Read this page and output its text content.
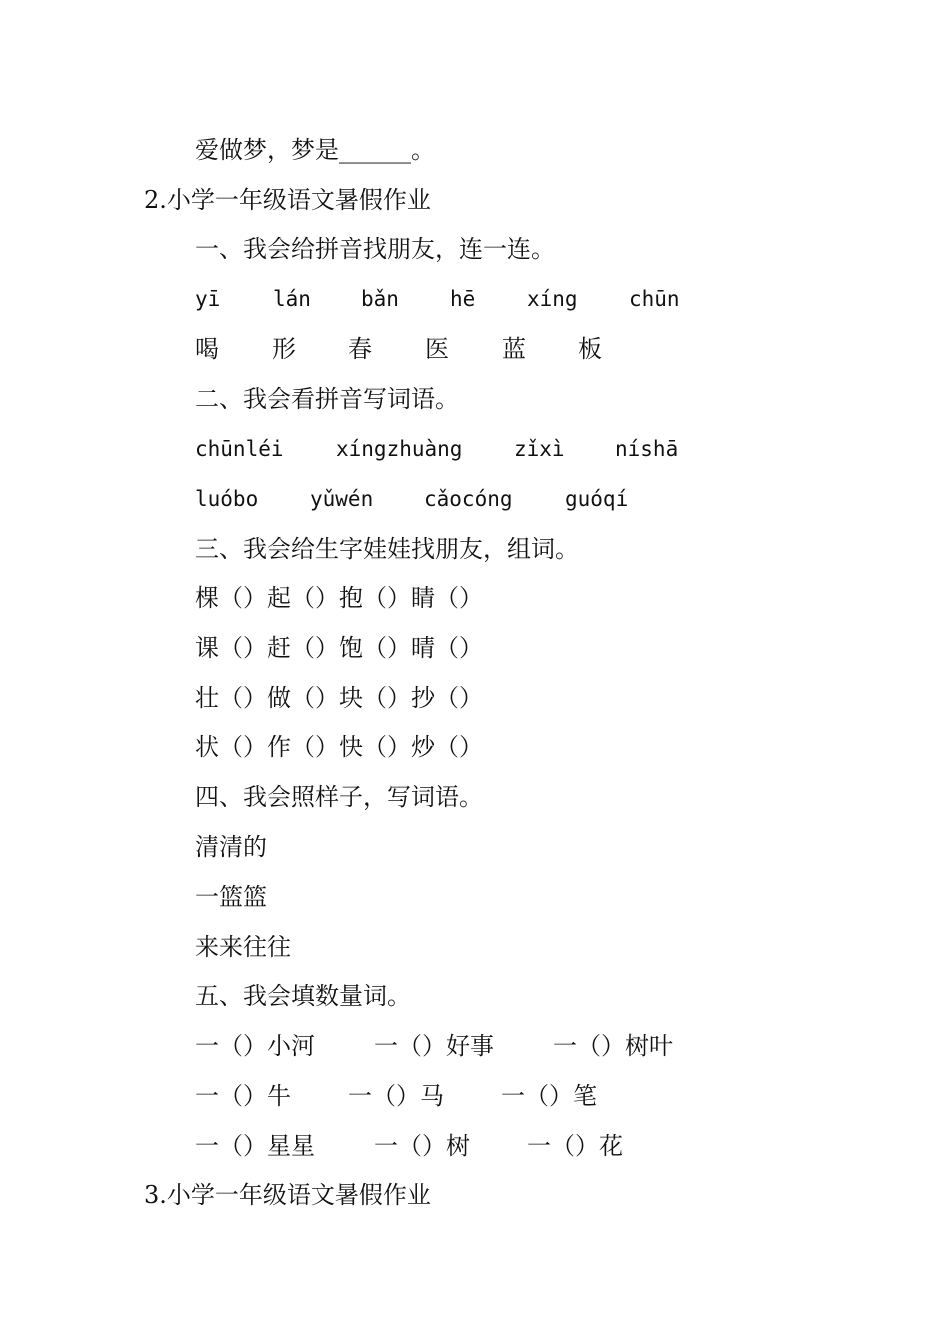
爱做梦，梦是______。

2.小学一年级语文暑假作业

一、我会给拼音找朋友，连一连。

yī	lán bǎn hē xíng chūn
喝 形 春 医 蓝 板

二、我会看拼音写词语。

chūnléi xíngzhuàng zǐxì níshā
luóbo yǔwén cǎocóng guóqí

三、我会给生字娃娃找朋友，组词。

棵（）起（）抱（）睛（）

课（）赶（）饱（）晴（）

壮（）做（）块（）抄（）

状（）作（）快（）炒（）

四、我会照样子，写词语。

清清的

一篮篮

来来往往

五、我会填数量词。

一（）小河 一（）好事 一（）树叶
一（）牛 一（）马 一（）笔
一（）星星 一（）树 一（）花

3.小学一年级语文暑假作业
